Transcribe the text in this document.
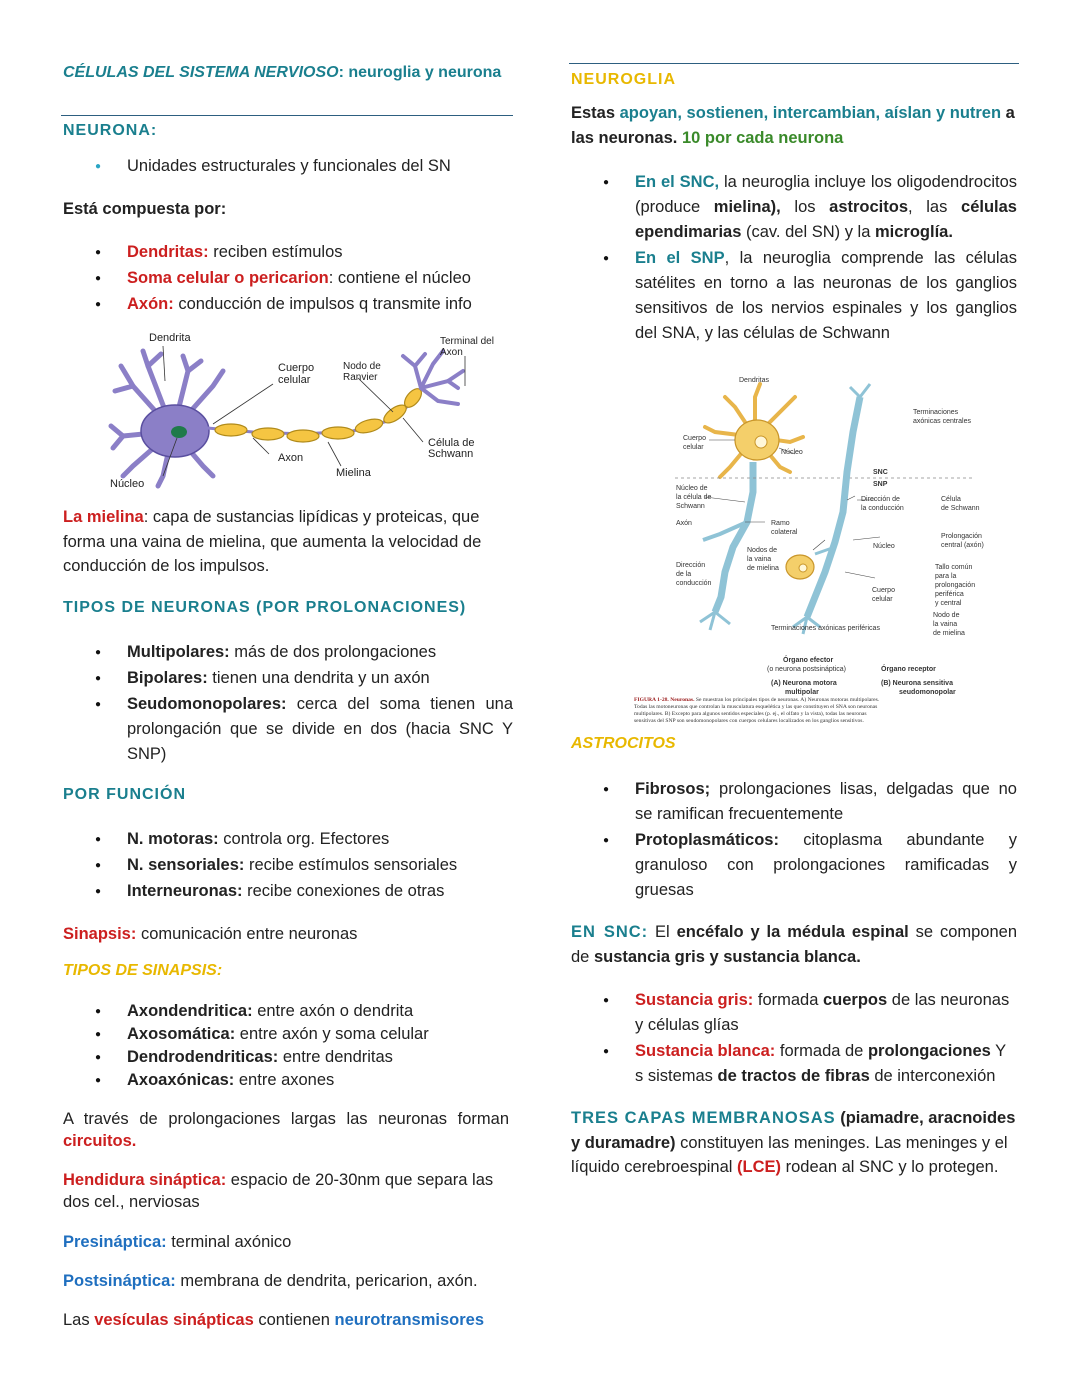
CÉLULAS DEL SISTEMA NERVIOSO: neuroglia y neurona
NEURONA:
● Unidades estructurales y funcionales del SN
Está compuesta por:
● Dendritas: reciben estímulos
● Soma celular o pericarion: contiene el núcleo
● Axón: conducción de impulsos q transmite info
Dendrita
Cuerpo
celular
Nodo de
Ranvier
Terminal del
Axon
Célula de
Schwann
Axon
Mielina
Núcleo
La mielina: capa de sustancias lipídicas y proteicas, que forma una vaina de mielina, que aumenta la velocidad de conducción de los impulsos.
TIPOS DE NEURONAS (POR PROLONACIONES)
● Multipolares: más de dos prolongaciones
● Bipolares: tienen una dendrita y un axón
● Seudomonopolares: cerca del soma tienen una prolongación que se divide en dos (hacia SNC Y SNP)
POR FUNCIÓN
● N. motoras: controla org. Efectores
● N. sensoriales: recibe estímulos sensoriales
● Interneuronas: recibe conexiones de otras
Sinapsis: comunicación entre neuronas
TIPOS DE SINAPSIS:
● Axondendritica: entre axón o dendrita
● Axosomática: entre axón y soma celular
● Dendrodendriticas: entre dendritas
● Axoaxónicas: entre axones
A través de prolongaciones largas las neuronas forman circuitos.
Hendidura sináptica: espacio de 20-30nm que separa las dos cel., nerviosas
Presináptica: terminal axónico
Postsináptica: membrana de dendrita, pericarion, axón.
Las vesículas sinápticas contienen neurotransmisores
NEUROGLIA
Estas apoyan, sostienen, intercambian, aíslan y nutren a las neuronas. 10 por cada neurona
● En el SNC, la neuroglia incluye los oligodendrocitos (produce mielina), los astrocitos, las células ependimarias (cav. del SN) y la microglía.
● En el SNP, la neuroglia comprende las células satélites en torno a las neuronas de los ganglios sensitivos de los nervios espinales y los ganglios del SNA, y las células de Schwann
Dendritas
Terminaciones
axónicas centrales
Cuerpo
celular
Núcleo
SNC
SNP
Núcleo de
la célula de
Schwann
Dirección de
la conducción
Célula
de Schwann
Axón	Ramo
colateral
Prolongación
central (axón)
Núcleo
Nodos de
la vaina
de mielina
Dirección
de la
conducción
Tallo común
para la
prolongación
periférica
y central
Cuerpo
celular
Nodo de
la vaina
de mielina
Terminaciones axónicas periféricas
Órgano efector
(o neurona postsináptica)	Órgano receptor
(A) Neurona motora
multipolar
(B) Neurona sensitiva
seudomonopolar
FIGURA 1-28. Neuronas. Se muestran los principales tipos de neuronas. A) Neuronas motoras multipolares.
Todas las motoneuronas que controlan la musculatura esquelética y las que constituyen el SNA son neuronas
multipolares. B) Excepto para algunos sentidos especiales (p. ej., el olfato y la vista), todas las neuronas
sensitivas del SNP son seudomonopolares con cuerpos celulares localizados en los ganglios sensitivos.
ASTROCITOS
● Fibrosos; prolongaciones lisas, delgadas que no se ramifican frecuentemente
● Protoplasmáticos: citoplasma abundante y granuloso con prolongaciones ramificadas y gruesas
EN SNC: El encéfalo y la médula espinal se componen de sustancia gris y sustancia blanca.
● Sustancia gris: formada cuerpos de las neuronas y células glías
● Sustancia blanca: formada de prolongaciones Y s sistemas de tractos de fibras de interconexión
TRES CAPAS MEMBRANOSAS (piamadre, aracnoides y duramadre) constituyen las meninges. Las meninges y el líquido cerebroespinal (LCE) rodean al SNC y lo protegen.
